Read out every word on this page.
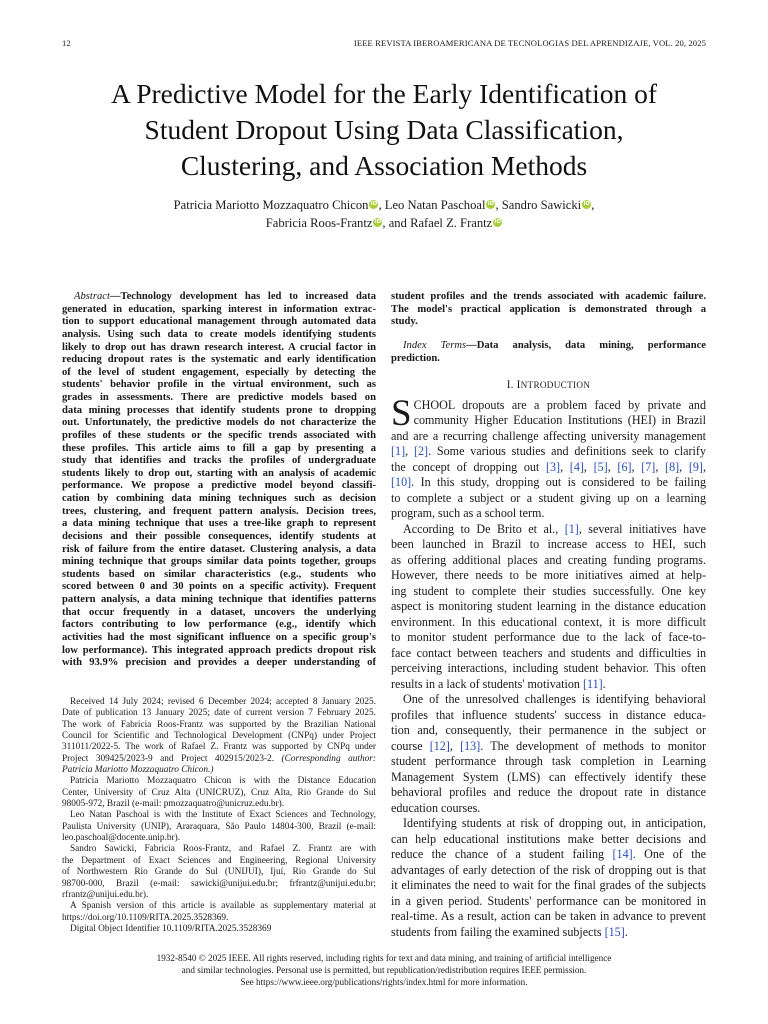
12	IEEE REVISTA IBEROAMERICANA DE TECNOLOGIAS DEL APRENDIZAJE, VOL. 20, 2025
A Predictive Model for the Early Identification of
Student Dropout Using Data Classification,
Clustering, and Association Methods
Patricia Mariotto Mozzaquatro Chicon iD, Leo Natan Paschoal iD, Sandro Sawicki iD,
Fabricia Roos-Frantz iD, and Rafael Z. Frantz iD
Abstract—Technology development has led to increased data
generated in education, sparking interest in information extrac-
tion to support educational management through automated data
analysis. Using such data to create models identifying students
likely to drop out has drawn research interest. A crucial factor in
reducing dropout rates is the systematic and early identification
of the level of student engagement, especially by detecting the
students' behavior profile in the virtual environment, such as
grades in assessments. There are predictive models based on
data mining processes that identify students prone to dropping
out. Unfortunately, the predictive models do not characterize the
profiles of these students or the specific trends associated with
these profiles. This article aims to fill a gap by presenting a
study that identifies and tracks the profiles of undergraduate
students likely to drop out, starting with an analysis of academic
performance. We propose a predictive model beyond classifi-
cation by combining data mining techniques such as decision
trees, clustering, and frequent pattern analysis. Decision trees,
a data mining technique that uses a tree-like graph to represent
decisions and their possible consequences, identify students at
risk of failure from the entire dataset. Clustering analysis, a data
mining technique that groups similar data points together, groups
students based on similar characteristics (e.g., students who
scored between 0 and 30 points on a specific activity). Frequent
pattern analysis, a data mining technique that identifies patterns
that occur frequently in a dataset, uncovers the underlying
factors contributing to low performance (e.g., identify which
activities had the most significant influence on a specific group's
low performance). This integrated approach predicts dropout risk
with 93.9% precision and provides a deeper understanding of
Received 14 July 2024; revised 6 December 2024; accepted 8 January 2025.
Date of publication 13 January 2025; date of current version 7 February 2025.
The work of Fabricia Roos-Frantz was supported by the Brazilian National
Council for Scientific and Technological Development (CNPq) under Project
311011/2022-5. The work of Rafael Z. Frantz was supported by CNPq under
Project 309425/2023-9 and Project 402915/2023-2. (Corresponding author:
Patricia Mariotto Mozzaquatro Chicon.)
Patricia Mariotto Mozzaquatro Chicon is with the Distance Education
Center, University of Cruz Alta (UNICRUZ), Cruz Alta, Rio Grande do Sul
98005-972, Brazil (e-mail: pmozzaquatro@unicruz.edu.br).
Leo Natan Paschoal is with the Institute of Exact Sciences and Technology,
Paulista University (UNIP), Araraquara, São Paulo 14804-300, Brazil (e-mail:
leo.paschoal@docente.unip.br).
Sandro Sawicki, Fabricia Roos-Frantz, and Rafael Z. Frantz are with
the Department of Exact Sciences and Engineering, Regional University
of Northwestern Rio Grande do Sul (UNIJUÍ), Ijuí, Rio Grande do Sul
98700-000, Brazil (e-mail: sawicki@unijui.edu.br; frfrantz@unijui.edu.br;
rfrantz@unijui.edu.br).
A Spanish version of this article is available as supplementary material at
https://doi.org/10.1109/RITA.2025.3528369.
Digital Object Identifier 10.1109/RITA.2025.3528369
student profiles and the trends associated with academic failure.
The model's practical application is demonstrated through a
study.
Index Terms—Data analysis, data mining, performance
prediction.
I. INTRODUCTION
S CHOOL dropouts are a problem faced by private and
community Higher Education Institutions (HEI) in Brazil
and are a recurring challenge affecting university management
[1], [2]. Some various studies and definitions seek to clarify
the concept of dropping out [3], [4], [5], [6], [7], [8], [9],
[10]. In this study, dropping out is considered to be failing
to complete a subject or a student giving up on a learning
program, such as a school term.
According to De Brito et al., [1], several initiatives have
been launched in Brazil to increase access to HEI, such
as offering additional places and creating funding programs.
However, there needs to be more initiatives aimed at help-
ing student to complete their studies successfully. One key
aspect is monitoring student learning in the distance education
environment. In this educational context, it is more difficult
to monitor student performance due to the lack of face-to-
face contact between teachers and students and difficulties in
perceiving interactions, including student behavior. This often
results in a lack of students' motivation [11].
One of the unresolved challenges is identifying behavioral
profiles that influence students' success in distance educa-
tion and, consequently, their permanence in the subject or
course [12], [13]. The development of methods to monitor
student performance through task completion in Learning
Management System (LMS) can effectively identify these
behavioral profiles and reduce the dropout rate in distance
education courses.
Identifying students at risk of dropping out, in anticipation,
can help educational institutions make better decisions and
reduce the chance of a student failing [14]. One of the
advantages of early detection of the risk of dropping out is that
it eliminates the need to wait for the final grades of the subjects
in a given period. Students' performance can be monitored in
real-time. As a result, action can be taken in advance to prevent
students from failing the examined subjects [15].
1932-8540 © 2025 IEEE. All rights reserved, including rights for text and data mining, and training of artificial intelligence
and similar technologies. Personal use is permitted, but republication/redistribution requires IEEE permission.
See https://www.ieee.org/publications/rights/index.html for more information.
